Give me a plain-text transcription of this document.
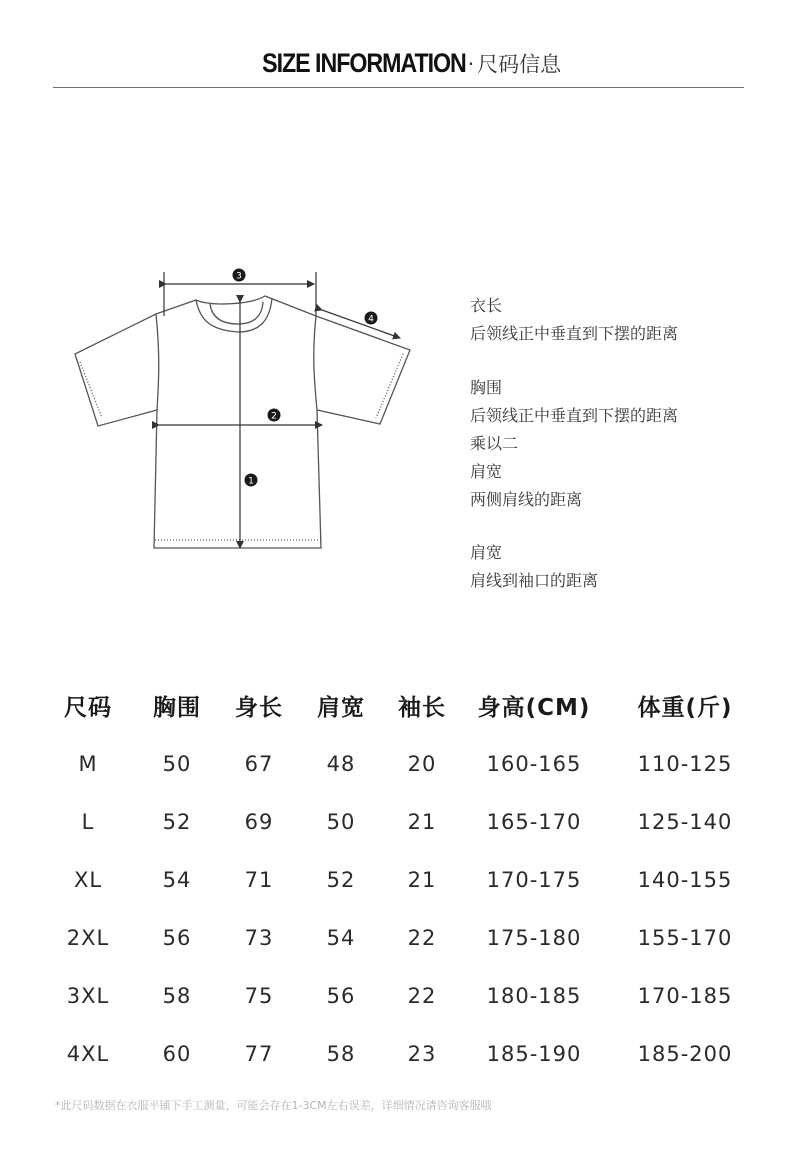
SIZE INFORMATION · 尺码信息
3
2
1
4
衣长
后领线正中垂直到下摆的距离
胸围
后领线正中垂直到下摆的距离
乘以二
肩宽
两侧肩线的距离
肩宽
肩线到袖口的距离
尺码	胸围	身长	肩宽	袖长	身高(CM)	体重(斤)
M	50	67	48	20	160-165	110-125
L	52	69	50	21	165-170	125-140
XL	54	71	52	21	170-175	140-155
2XL	56	73	54	22	175-180	155-170
3XL	58	75	56	22	180-185	170-185
4XL	60	77	58	23	185-190	185-200
*此尺码数据在衣服平铺下手工测量，可能会存在1-3CM左右误差，详细情况请咨询客服哦
